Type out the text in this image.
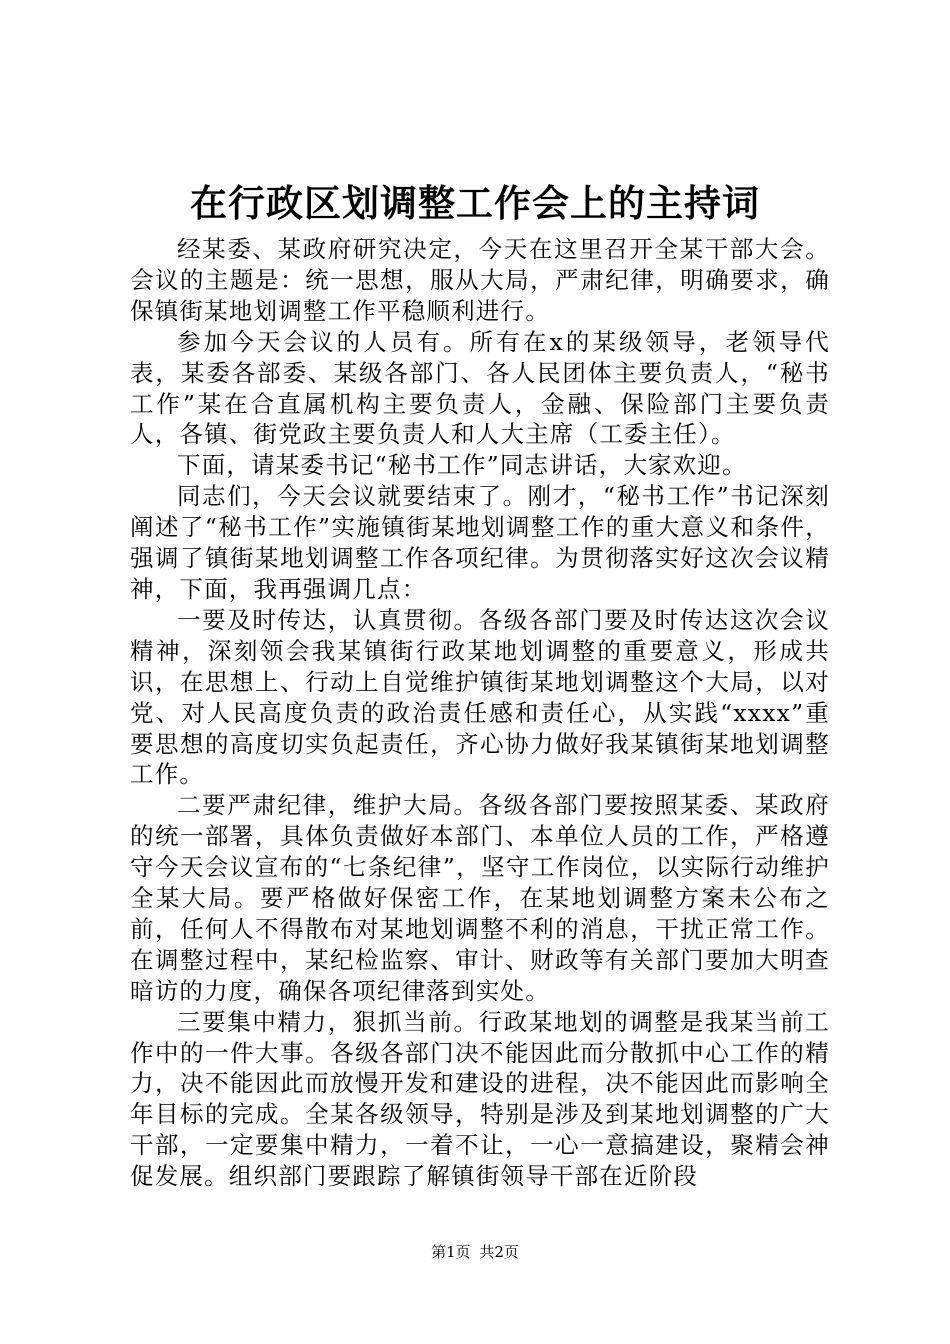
在行政区划调整工作会上的主持词

经某委、某政府研究决定，今天在这里召开全某干部大会。会议的主题是：统一思想，服从大局，严肃纪律，明确要求，确保镇街某地划调整工作平稳顺利进行。

参加今天会议的人员有。所有在x的某级领导，老领导代表，某委各部委、某级各部门、各人民团体主要负责人，“秘书工作”某在合直属机构主要负责人，金融、保险部门主要负责人，各镇、街党政主要负责人和人大主席（工委主任）。

下面，请某委书记“秘书工作”同志讲话，大家欢迎。

同志们，今天会议就要结束了。刚才，“秘书工作”书记深刻阐述了“秘书工作”实施镇街某地划调整工作的重大意义和条件，强调了镇街某地划调整工作各项纪律。为贯彻落实好这次会议精神，下面，我再强调几点：

一要及时传达，认真贯彻。各级各部门要及时传达这次会议精神，深刻领会我某镇街行政某地划调整的重要意义，形成共识，在思想上、行动上自觉维护镇街某地划调整这个大局，以对党、对人民高度负责的政治责任感和责任心，从实践“xxxx”重要思想的高度切实负起责任，齐心协力做好我某镇街某地划调整工作。

二要严肃纪律，维护大局。各级各部门要按照某委、某政府的统一部署，具体负责做好本部门、本单位人员的工作，严格遵守今天会议宣布的“七条纪律”，坚守工作岗位，以实际行动维护全某大局。要严格做好保密工作，在某地划调整方案未公布之前，任何人不得散布对某地划调整不利的消息，干扰正常工作。在调整过程中，某纪检监察、审计、财政等有关部门要加大明查暗访的力度，确保各项纪律落到实处。

三要集中精力，狠抓当前。行政某地划的调整是我某当前工作中的一件大事。各级各部门决不能因此而分散抓中心工作的精力，决不能因此而放慢开发和建设的进程，决不能因此而影响全年目标的完成。全某各级领导，特别是涉及到某地划调整的广大干部，一定要集中精力，一着不让，一心一意搞建设，聚精会神促发展。组织部门要跟踪了解镇街领导干部在近阶段

第1页 共2页
